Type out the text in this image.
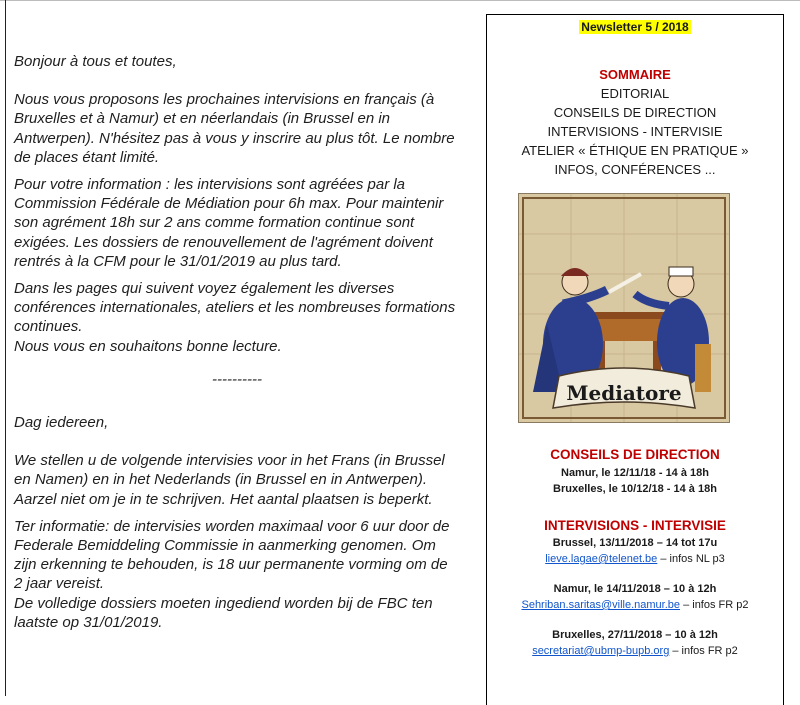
Bonjour à tous et toutes,

Nous vous proposons les prochaines intervisions en français (à Bruxelles et à Namur) et en néerlandais (in Brussel en in Antwerpen). N'hésitez pas à vous y inscrire au plus tôt. Le nombre de places étant limité.

Pour votre information : les intervisions sont agréées par la Commission Fédérale de Médiation pour 6h max. Pour maintenir son agrément 18h sur 2 ans comme formation continue sont exigées. Les dossiers de renouvellement de l'agrément doivent rentrés à la CFM pour le 31/01/2019 au plus tard.

Dans les pages qui suivent voyez également les diverses conférences internationales, ateliers et les nombreuses formations continues.
Nous vous en souhaitons bonne lecture.

----------

Dag iedereen,

We stellen u de volgende intervisies voor in het Frans (in Brussel en Namen) en in het Nederlands (in Brussel en in Antwerpen). Aarzel niet om je in te schrijven. Het aantal plaatsen is beperkt.

Ter informatie: de intervisies worden maximaal voor 6 uur door de Federale Bemiddeling Commissie in aanmerking genomen. Om zijn erkenning te behouden, is 18 uur permanente vorming om de 2 jaar vereist.
De volledige dossiers moeten ingediend worden bij de FBC ten laatste op 31/01/2019.

Newsletter 5 / 2018
SOMMAIRE
EDITORIAL
CONSEILS DE DIRECTION
INTERVISIONS - INTERVISIE
ATELIER « ÉTHIQUE EN PRATIQUE »
INFOS, CONFÉRENCES ...
Mediatore
CONSEILS DE DIRECTION
Namur, le 12/11/18 - 14 à 18h
Bruxelles, le 10/12/18 - 14 à 18h
INTERVISIONS - INTERVISIE
Brussel, 13/11/2018 – 14 tot 17u
lieve.lagae@telenet.be – infos NL p3
Namur, le 14/11/2018 – 10 à 12h
Sehriban.saritas@ville.namur.be – infos FR p2
Bruxelles, 27/11/2018 – 10 à 12h
secretariat@ubmp-bupb.org – infos FR p2
